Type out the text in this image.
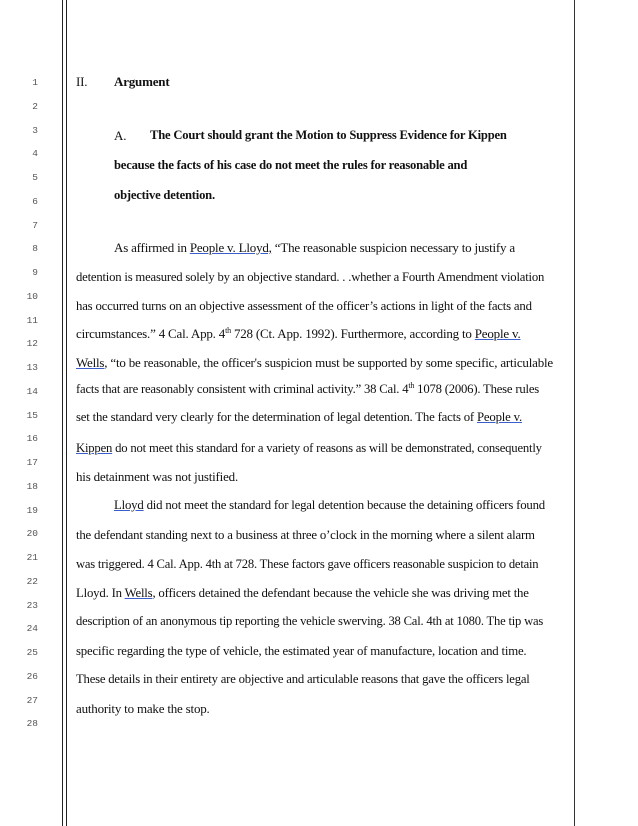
1
2
3
4
5
6
7
8
9
10
11
12
13
14
15
16
17
18
19
20
21
22
23
24
25
26
27
28
II. Argument
A. The Court should grant the Motion to Suppress Evidence for Kippen
because the facts of his case do not meet the rules for reasonable and
objective detention.
As affirmed in People v. Lloyd, “The reasonable suspicion necessary to justify a
detention is measured solely by an objective standard. . .whether a Fourth Amendment violation
has occurred turns on an objective assessment of the officer’s actions in light of the facts and
circumstances.” 4 Cal. App. 4th 728 (Ct. App. 1992). Furthermore, according to People v.
Wells, “to be reasonable, the officer's suspicion must be supported by some specific, articulable
facts that are reasonably consistent with criminal activity.” 38 Cal. 4th 1078 (2006). These rules
set the standard very clearly for the determination of legal detention. The facts of People v.
Kippen do not meet this standard for a variety of reasons as will be demonstrated, consequently
his detainment was not justified.
Lloyd did not meet the standard for legal detention because the detaining officers found
the defendant standing next to a business at three o’clock in the morning where a silent alarm
was triggered. 4 Cal. App. 4th at 728. These factors gave officers reasonable suspicion to detain
Lloyd. In Wells, officers detained the defendant because the vehicle she was driving met the
description of an anonymous tip reporting the vehicle swerving. 38 Cal. 4th at 1080. The tip was
specific regarding the type of vehicle, the estimated year of manufacture, location and time.
These details in their entirety are objective and articulable reasons that gave the officers legal
authority to make the stop.
